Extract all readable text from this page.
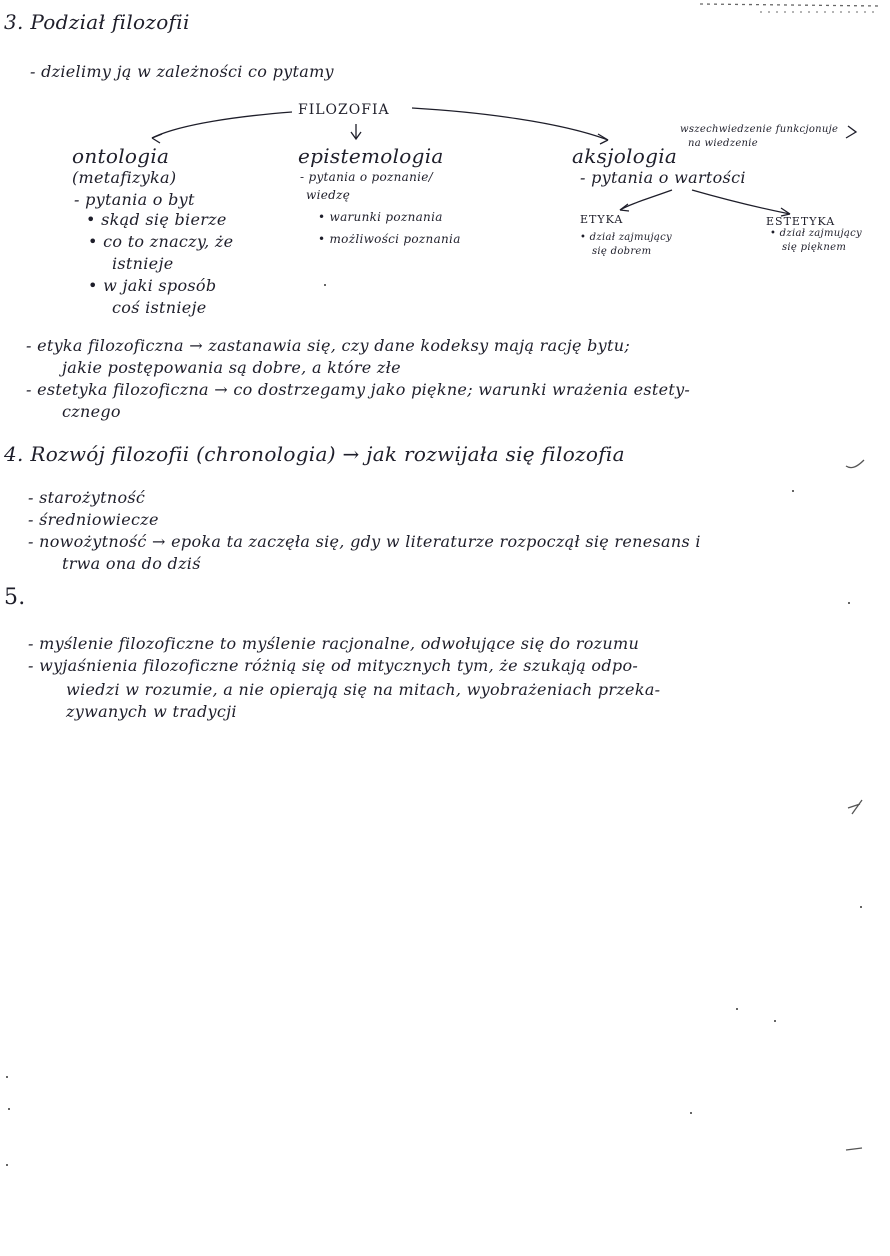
3. Podział filozofii
- dzielimy ją w zależności co pytamy
FILOZOFIA
ontologia
(metafizyka)
- pytania o byt
• skąd się bierze
• co to znaczy, że
istnieje
• w jaki sposób
coś istnieje
epistemologia
- pytania o poznanie/
wiedzę
• warunki poznania
• możliwości poznania
aksjologia
wszechwiedzenie funkcjonuje
na wiedzenie
- pytania o wartości
ETYKA
• dział zajmujący
się dobrem
ESTETYKA
• dział zajmujący
się pięknem
- etyka filozoficzna → zastanawia się, czy dane kodeksy mają rację bytu;
jakie postępowania są dobre, a które złe
- estetyka filozoficzna → co dostrzegamy jako piękne; warunki wrażenia estety-
cznego
4. Rozwój filozofii (chronologia) → jak rozwijała się filozofia
- starożytność
- średniowiecze
- nowożytność → epoka ta zaczęła się, gdy w literaturze rozpoczął się renesans i
trwa ona do dziś
5.
- myślenie filozoficzne to myślenie racjonalne, odwołujące się do rozumu
- wyjaśnienia filozoficzne różnią się od mitycznych tym, że szukają odpo-
wiedzi w rozumie, a nie opierają się na mitach, wyobrażeniach przeka-
zywanych w tradycji
